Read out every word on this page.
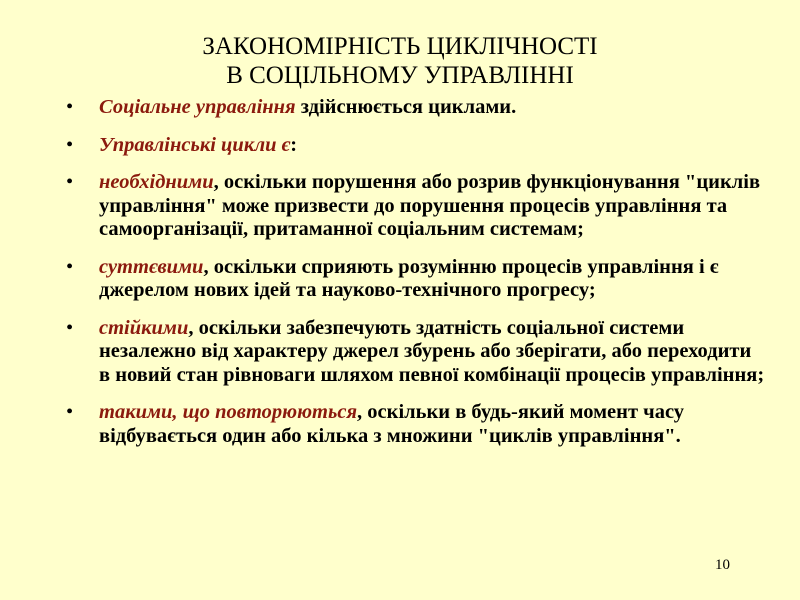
ЗАКОНОМІРНІСТЬ ЦИКЛІЧНОСТІ
В СОЦІЛЬНОМУ УПРАВЛІННІ
• Соціальне управління здійснюється циклами.
• Управлінські цикли є:
• необхідними, оскільки порушення або розрив функціонування "циклів управління" може призвести до порушення процесів управління та самоорганізації, притаманної соціальним системам;
• суттєвими, оскільки сприяють розумінню процесів управління і є джерелом нових ідей та науково-технічного прогресу;
• стійкими, оскільки забезпечують здатність соціальної системи незалежно від характеру джерел збурень або зберігати, або переходити в новий стан рівноваги шляхом певної комбінації процесів управління;
• такими, що повторюються, оскільки в будь-який момент часу відбувається один або кілька з множини "циклів управління".
10
